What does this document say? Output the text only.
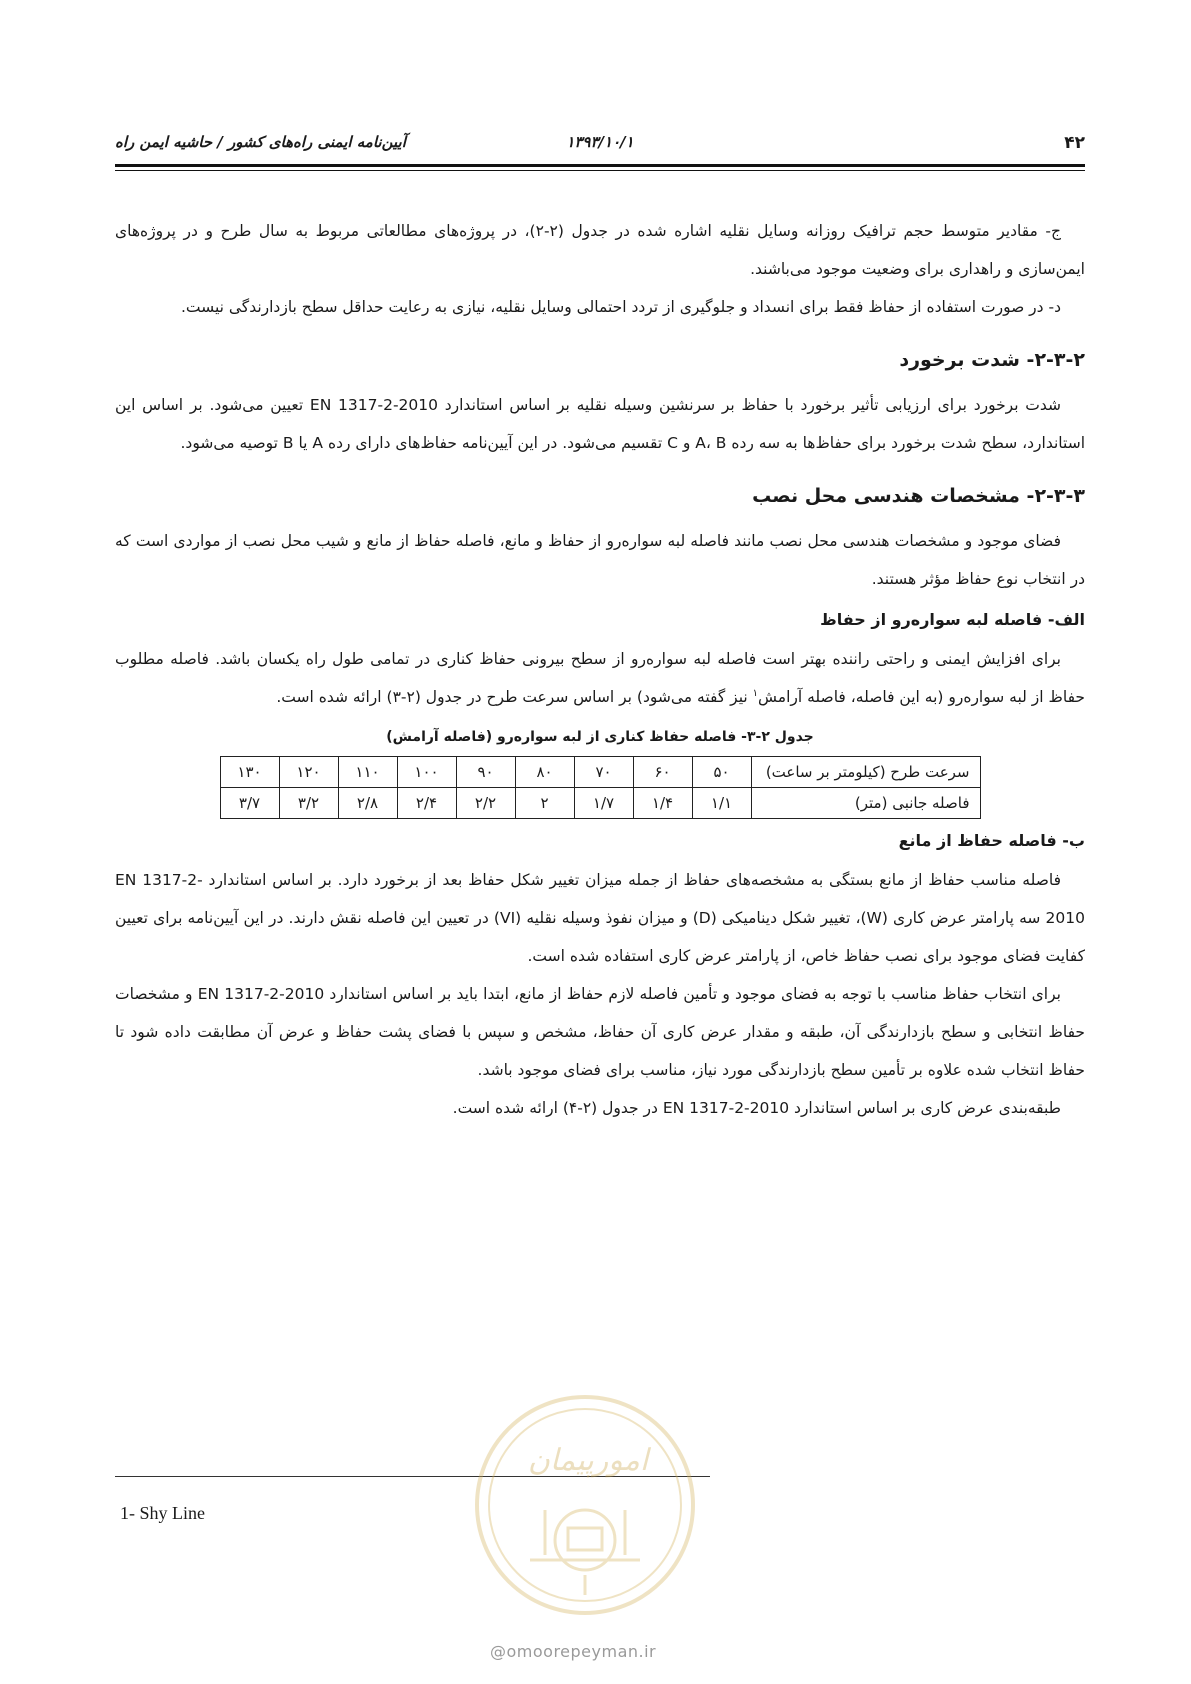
۴۲
۱۳۹۳/۱۰/۱
آیین‌نامه ایمنی راه‌های کشور / حاشیه ایمن راه

ج- مقادیر متوسط حجم ترافیک روزانه وسایل نقلیه اشاره شده در جدول (۲-۲)، در پروژه‌های مطالعاتی مربوط به سال طرح و در پروژه‌های ایمن‌سازی و راهداری برای وضعیت موجود می‌باشند.

د- در صورت استفاده از حفاظ فقط برای انسداد و جلوگیری از تردد احتمالی وسایل نقلیه، نیازی به رعایت حداقل سطح بازدارندگی نیست.

۲-۳-۲- شدت برخورد

شدت برخورد برای ارزیابی تأثیر برخورد با حفاظ بر سرنشین وسیله نقلیه بر اساس استاندارد EN 1317-2-2010 تعیین می‌شود. بر اساس این استاندارد، سطح شدت برخورد برای حفاظ‌ها به سه رده A، B و C تقسیم می‌شود. در این آیین‌نامه حفاظ‌های دارای رده A یا B توصیه می‌شود.

۲-۳-۳- مشخصات هندسی محل نصب

فضای موجود و مشخصات هندسی محل نصب مانند فاصله لبه سواره‌رو از حفاظ و مانع، فاصله حفاظ از مانع و شیب محل نصب از مواردی است که در انتخاب نوع حفاظ مؤثر هستند.

الف- فاصله لبه سواره‌رو از حفاظ

برای افزایش ایمنی و راحتی راننده بهتر است فاصله لبه سواره‌رو از سطح بیرونی حفاظ کناری در تمامی طول راه یکسان باشد. فاصله مطلوب حفاظ از لبه سواره‌رو (به این فاصله، فاصله آرامش$^۱$ نیز گفته می‌شود) بر اساس سرعت طرح در جدول (۲-۳) ارائه شده است.

جدول ۲-۳- فاصله حفاظ کناری از لبه سواره‌رو (فاصله آرامش)
سرعت طرح (کیلومتر بر ساعت)	۵۰	۶۰	۷۰	۸۰	۹۰	۱۰۰	۱۱۰	۱۲۰	۱۳۰
فاصله جانبی (متر)	۱/۱	۱/۴	۱/۷	۲	۲/۲	۲/۴	۲/۸	۳/۲	۳/۷
ب- فاصله حفاظ از مانع

فاصله مناسب حفاظ از مانع بستگی به مشخصه‌های حفاظ از جمله میزان تغییر شکل حفاظ بعد از برخورد دارد. بر اساس استاندارد EN 1317-2-2010 سه پارامتر عرض کاری (W)، تغییر شکل دینامیکی (D) و میزان نفوذ وسیله نقلیه (VI) در تعیین این فاصله نقش دارند. در این آیین‌نامه برای تعیین کفایت فضای موجود برای نصب حفاظ خاص، از پارامتر عرض کاری استفاده شده است.

برای انتخاب حفاظ مناسب با توجه به فضای موجود و تأمین فاصله لازم حفاظ از مانع، ابتدا باید بر اساس استاندارد EN 1317-2-2010 و مشخصات حفاظ انتخابی و سطح بازدارندگی آن، طبقه و مقدار عرض کاری آن حفاظ، مشخص و سپس با فضای پشت حفاظ و عرض آن مطابقت داده شود تا حفاظ انتخاب شده علاوه بر تأمین سطح بازدارندگی مورد نیاز، مناسب برای فضای موجود باشد.

طبقه‌بندی عرض کاری بر اساس استاندارد EN 1317-2-2010 در جدول (۲-۴) ارائه شده است.

1- Shy Line
امورپیمان
@omoorepeyman.ir
